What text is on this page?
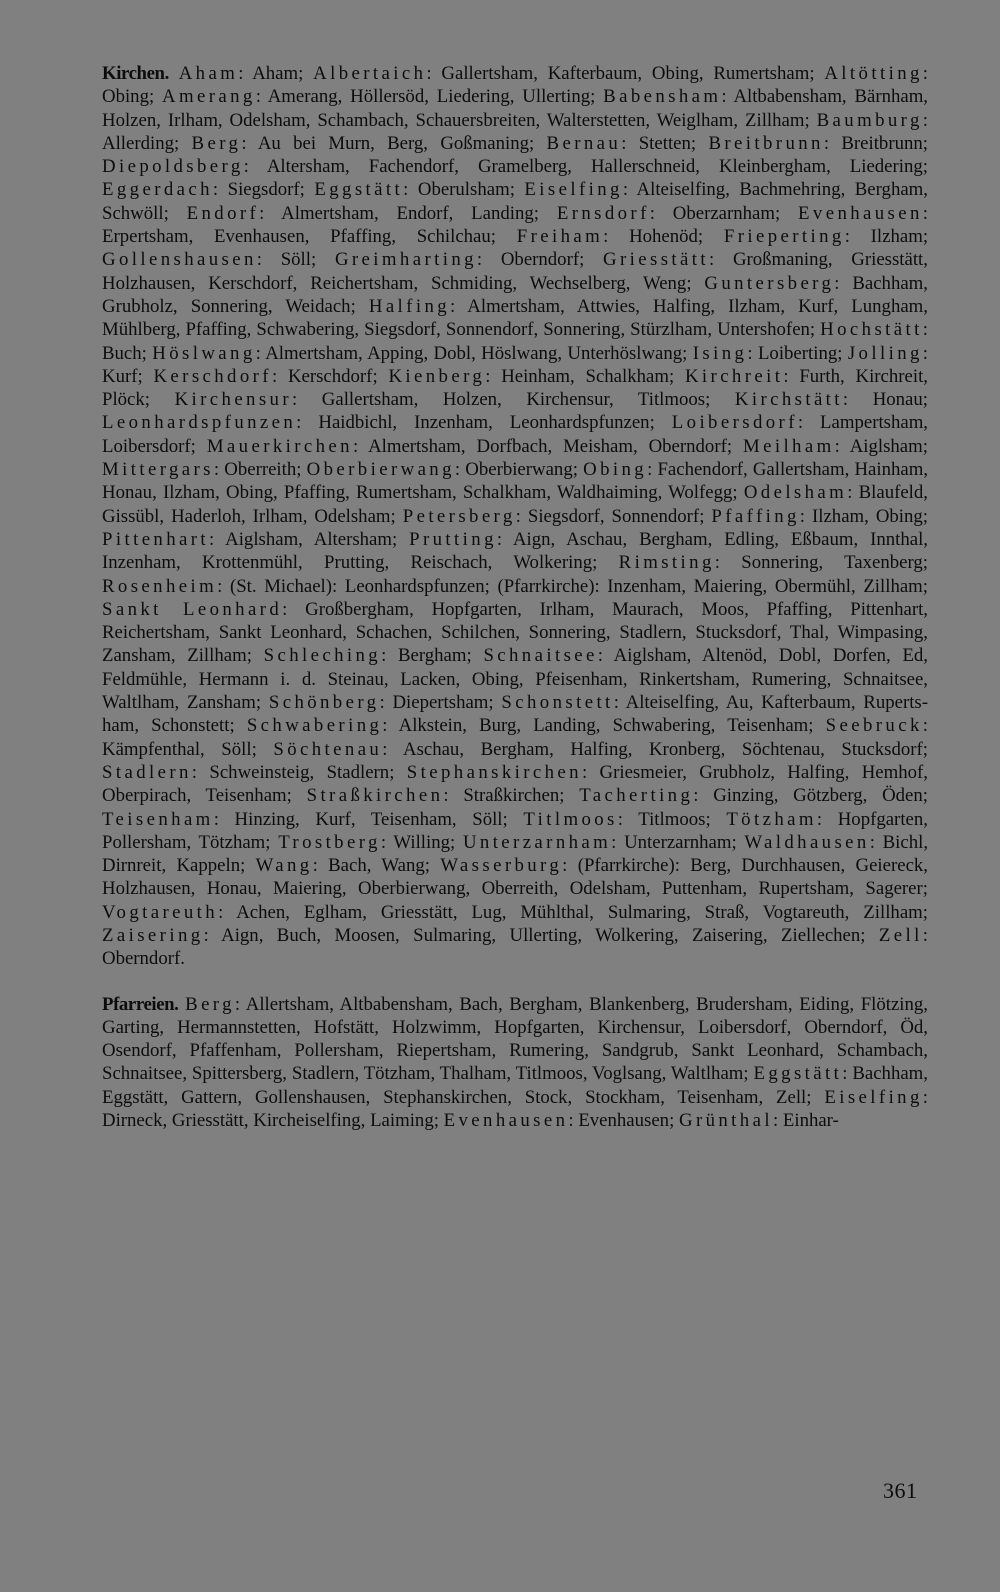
Kirchen. Aham: Aham; Albertaich: Gallertsham, Kafterbaum, Obing, Rumertsham; Altötting: Obing; Amerang: Amerang, Höllersöd, Liedering, Ullerting; Babensham: Altbabensham, Bärnham, Holzen, Irlham, Odelsham, Schambach, Schauersbreiten, Walterstetten, Weiglham, Zillham; Baumburg: Allerding; Berg: Au bei Murn, Berg, Goßmaning; Bernau: Stetten; Breitbrunn: Breitbrunn; Diepoldsberg: Altersham, Fachendorf, Gramelberg, Hallerschneid, Kleinbergham, Liedering; Eggerdach: Siegsdorf; Eggstätt: Oberulsham; Eiselfing: Alteiselfing, Bachmehring, Bergham, Schwöll; Endorf: Almertsham, Endorf, Landing; Ernsdorf: Oberzarnham; Evenhausen: Erpertsham, Evenhausen, Pfaffing, Schilchau; Freiham: Hohenöd; Frieperting: Ilzham; Gollenshausen: Söll; Greimharting: Oberndorf; Griesstätt: Großmaning, Griesstätt, Holzhausen, Kerschdorf, Reichertsham, Schmiding, Wechselberg, Weng; Guntersberg: Bachham, Grubholz, Sonnering, Weidach; Halfing: Almertsham, Attwies, Halfing, Ilzham, Kurf, Lungham, Mühlberg, Pfaffing, Schwabering, Siegsdorf, Sonnendorf, Sonnering, Stürzlham, Untershofen; Hochstätt: Buch; Höslwang: Almertsham, Apping, Dobl, Höslwang, Unterhöslwang; Ising: Loiberting; Jolling: Kurf; Kerschdorf: Kerschdorf; Kienberg: Heinham, Schalkham; Kirchreit: Furth, Kirchreit, Plöck; Kirchensur: Gallertsham, Holzen, Kirchensur, Titlmoos; Kirchstätt: Honau; Leonhardspfunzen: Haidbichl, Inzenham, Leonhardspfunzen; Loibersdorf: Lampertsham, Loibersdorf; Mauerkirchen: Almertsham, Dorfbach, Meisham, Oberndorf; Meilham: Aiglsham; Mittergars: Oberreith; Oberbierwang: Oberbierwang; Obing: Fachendorf, Gallertsham, Hainham, Honau, Ilzham, Obing, Pfaffing, Rumertsham, Schalkham, Waldhaiming, Wolfegg; Odelsham: Blaufeld, Gissübl, Haderloh, Irlham, Odelsham; Petersberg: Siegsdorf, Sonnendorf; Pfaffing: Ilzham, Obing; Pittenhart: Aiglsham, Altersham; Prutting: Aign, Aschau, Bergham, Edling, Eßbaum, Innthal, Inzenham, Krottenmühl, Prutting, Reischach, Wolkering; Rimsting: Sonnering, Taxenberg; Rosenheim: (St. Michael): Leonhardspfunzen; (Pfarrkirche): Inzenham, Maiering, Obermühl, Zillham; Sankt Leonhard: Großbergham, Hopfgarten, Irlham, Maurach, Moos, Pfaffing, Pittenhart, Reichertsham, Sankt Leonhard, Schachen, Schilchen, Sonnering, Stadlern, Stucksdorf, Thal, Wimpasing, Zansham, Zillham; Schleching: Bergham; Schnaitsee: Aiglsham, Altenöd, Dobl, Dorfen, Ed, Feldmühle, Hermann i. d. Steinau, Lacken, Obing, Pfeisenham, Rinkertsham, Rumering, Schnaitsee, Waltlham, Zansham; Schönberg: Diepertsham; Schonstett: Alteiselfing, Au, Kafterbaum, Rupertsham, Schonstett; Schwabering: Alkstein, Burg, Landing, Schwabering, Teisenham; Seebruck: Kämpfenthal, Söll; Söchtenau: Aschau, Bergham, Halfing, Kronberg, Söchtenau, Stucksdorf; Stadlern: Schweinsteig, Stadlern; Stephanskirchen: Griesmeier, Grubholz, Halfing, Hemhof, Oberpirach, Teisenham; Straßkirchen: Straßkirchen; Tacherting: Ginzing, Götzberg, Öden; Teisenham: Hinzing, Kurf, Teisenham, Söll; Titlmoos: Titlmoos; Tötzham: Hopfgarten, Pollersham, Tötzham; Trostberg: Willing; Unterzarnham: Unterzarnham; Waldhausen: Bichl, Dirnreit, Kappeln; Wang: Bach, Wang; Wasserburg: (Pfarrkirche): Berg, Durchhausen, Geiereck, Holzhausen, Honau, Maiering, Oberbierwang, Oberreith, Odelsham, Puttenham, Rupertsham, Sagerer; Vogtareuth: Achen, Eglham, Griesstätt, Lug, Mühlthal, Sulmaring, Straß, Vogtareuth, Zillham; Zaisering: Aign, Buch, Moosen, Sulmaring, Ullerting, Wolkering, Zaisering, Ziellechen; Zell: Oberndorf.

Pfarreien. Berg: Allertsham, Altbabensham, Bach, Bergham, Blankenberg, Brudersham, Eiding, Flötzing, Garting, Hermannstetten, Hofstätt, Holzwimm, Hopfgarten, Kirchensur, Loibersdorf, Oberndorf, Öd, Osendorf, Pfaffenham, Pollersham, Riepertsham, Rumering, Sandgrub, Sankt Leonhard, Schambach, Schnaitsee, Spittersberg, Stadlern, Tötzham, Thalham, Titlmoos, Voglsang, Waltlham; Eggstätt: Bachham, Eggstätt, Gattern, Gollenshausen, Stephanskirchen, Stock, Stockham, Teisenham, Zell; Eiselfing: Dirneck, Griesstätt, Kircheiselfing, Laiming; Evenhausen: Evenhausen; Grünthal: Einhar-

361
